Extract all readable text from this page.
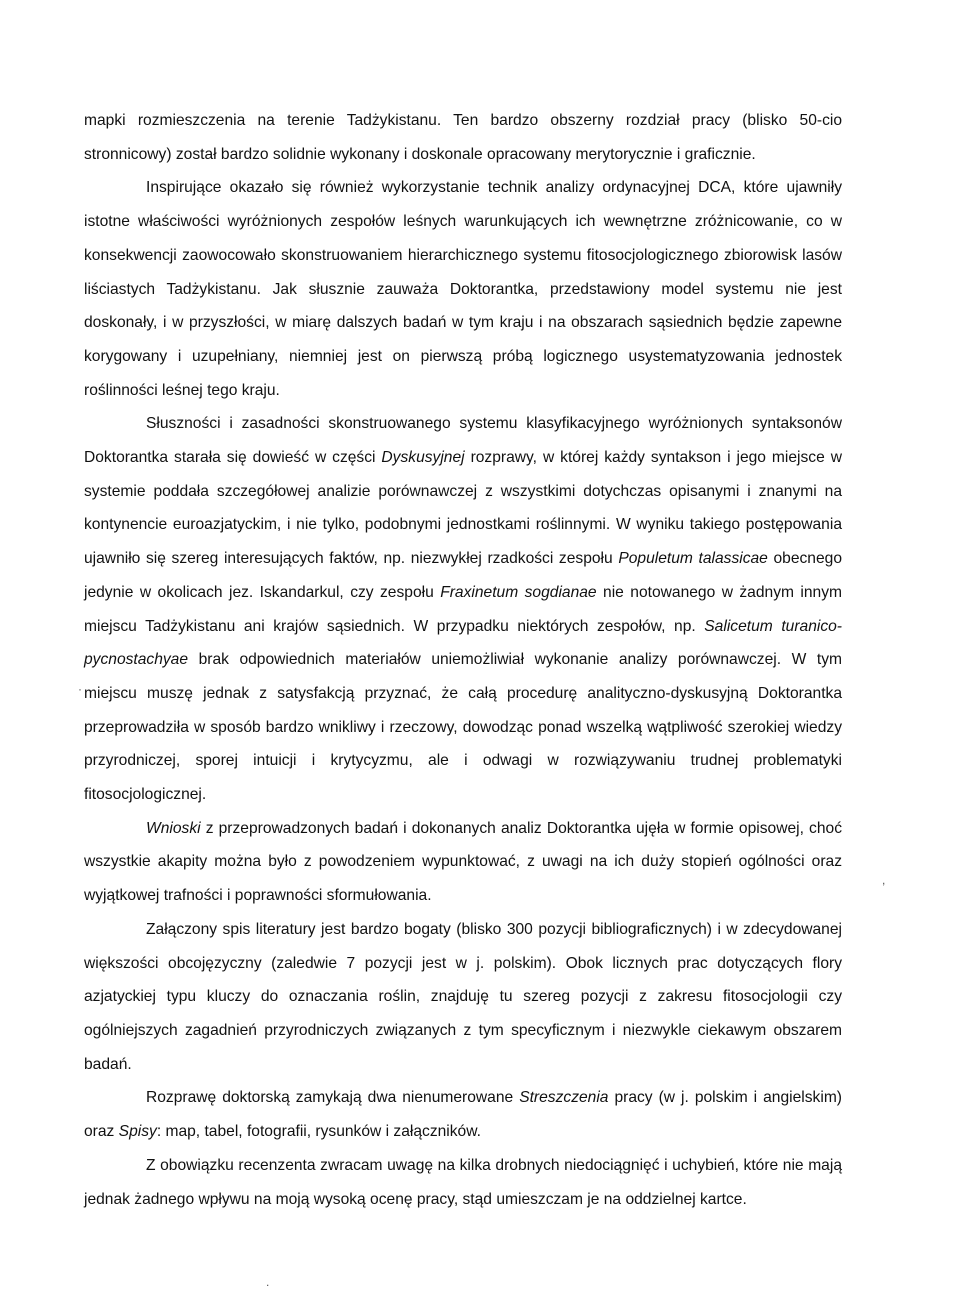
mapki rozmieszczenia na terenie Tadżykistanu. Ten bardzo obszerny rozdział pracy (blisko 50-cio stronnicowy) został bardzo solidnie wykonany i doskonale opracowany merytorycznie i graficznie.

Inspirujące okazało się również wykorzystanie technik analizy ordynacyjnej DCA, które ujawniły istotne właściwości wyróżnionych zespołów leśnych warunkujących ich wewnętrzne zróżnicowanie, co w konsekwencji zaowocowało skonstruowaniem hierarchicznego systemu fitosocjologicznego zbiorowisk lasów liściastych Tadżykistanu. Jak słusznie zauważa Doktorantka, przedstawiony model systemu nie jest doskonały, i w przyszłości, w miarę dalszych badań w tym kraju i na obszarach sąsiednich będzie zapewne korygowany i uzupełniany, niemniej jest on pierwszą próbą logicznego usystematyzowania jednostek roślinności leśnej tego kraju.

Słuszności i zasadności skonstruowanego systemu klasyfikacyjnego wyróżnionych syntaksonów Doktorantka starała się dowieść w części Dyskusyjnej rozprawy, w której każdy syntakson i jego miejsce w systemie poddała szczegółowej analizie porównawczej z wszystkimi dotychczas opisanymi i znanymi na kontynencie euroazjatyckim, i nie tylko, podobnymi jednostkami roślinnymi. W wyniku takiego postępowania ujawniło się szereg interesujących faktów, np. niezwykłej rzadkości zespołu Populetum talassicae obecnego jedynie w okolicach jez. Iskandarkul, czy zespołu Fraxinetum sogdianae nie notowanego w żadnym innym miejscu Tadżykistanu ani krajów sąsiednich. W przypadku niektórych zespołów, np. Salicetum turanico-pycnostachyae brak odpowiednich materiałów uniemożliwiał wykonanie analizy porównawczej. W tym miejscu muszę jednak z satysfakcją przyznać, że całą procedurę analityczno-dyskusyjną Doktorantka przeprowadziła w sposób bardzo wnikliwy i rzeczowy, dowodząc ponad wszelką wątpliwość szerokiej wiedzy przyrodniczej, sporej intuicji i krytycyzmu, ale i odwagi w rozwiązywaniu trudnej problematyki fitosocjologicznej.

Wnioski z przeprowadzonych badań i dokonanych analiz Doktorantka ujęła w formie opisowej, choć wszystkie akapity można było z powodzeniem wypunktować, z uwagi na ich duży stopień ogólności oraz wyjątkowej trafności i poprawności sformułowania.

Załączony spis literatury jest bardzo bogaty (blisko 300 pozycji bibliograficznych) i w zdecydowanej większości obcojęzyczny (zaledwie 7 pozycji jest w j. polskim). Obok licznych prac dotyczących flory azjatyckiej typu kluczy do oznaczania roślin, znajduję tu szereg pozycji z zakresu fitosocjologii czy ogólniejszych zagadnień przyrodniczych związanych z tym specyficznym i niezwykle ciekawym obszarem badań.

Rozprawę doktorską zamykają dwa nienumerowane Streszczenia pracy (w j. polskim i angielskim) oraz Spisy: map, tabel, fotografii, rysunków i załączników.

Z obowiązku recenzenta zwracam uwagę na kilka drobnych niedociągnięć i uchybień, które nie mają jednak żadnego wpływu na moją wysoką ocenę pracy, stąd umieszczam je na oddzielnej kartce.

,
·
.
